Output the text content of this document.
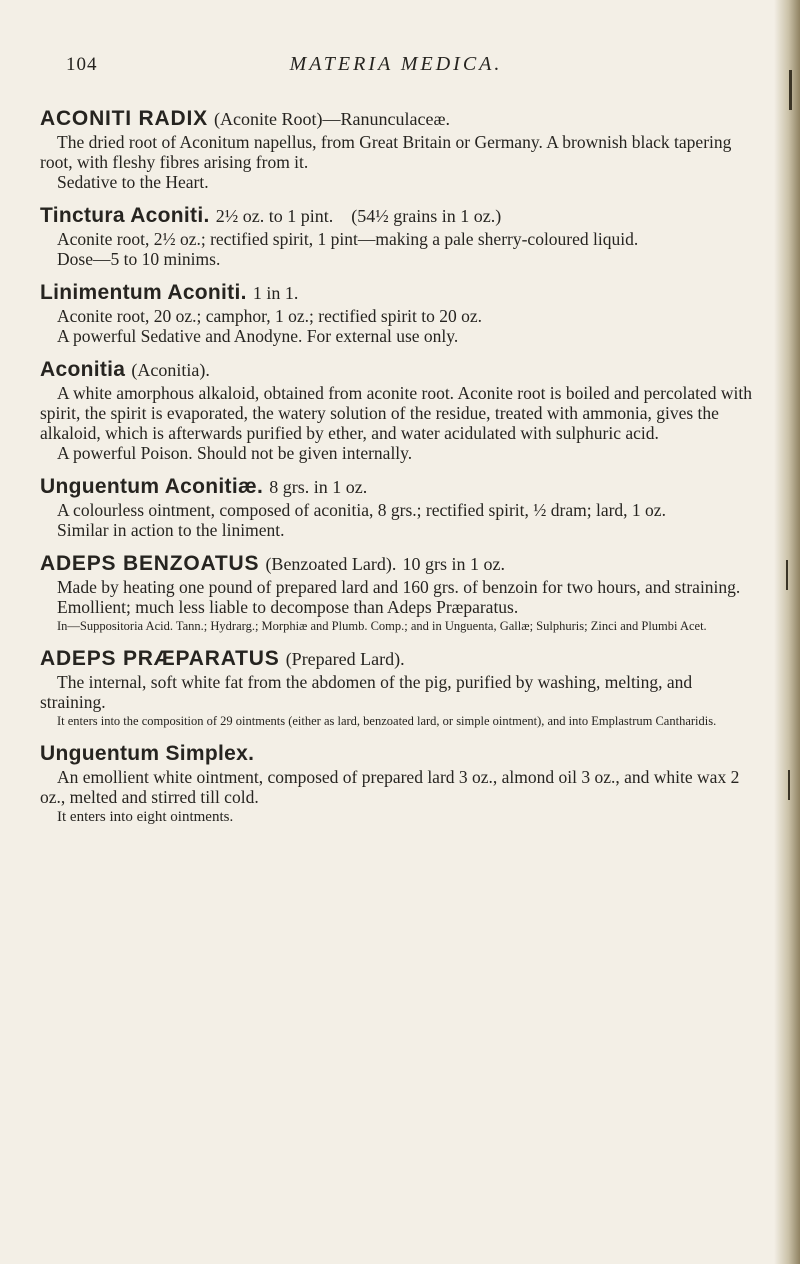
104	MATERIA MEDICA.
ACONITI RADIX (Aconite Root)—Ranunculaceæ.

The dried root of Aconitum napellus, from Great Britain or Germany. A brownish black tapering root, with fleshy fibres arising from it.

Sedative to the Heart.

Tinctura Aconiti. 2½ oz. to 1 pint.    (54½ grains in 1 oz.)

Aconite root, 2½ oz.; rectified spirit, 1 pint—making a pale sherry-coloured liquid.

Dose—5 to 10 minims.

Linimentum Aconiti. 1 in 1.

Aconite root, 20 oz.; camphor, 1 oz.; rectified spirit to 20 oz.

A powerful Sedative and Anodyne. For external use only.

Aconitia (Aconitia).

A white amorphous alkaloid, obtained from aconite root. Aconite root is boiled and percolated with spirit, the spirit is evaporated, the watery solution of the residue, treated with ammonia, gives the alkaloid, which is afterwards purified by ether, and water acidulated with sulphuric acid.

A powerful Poison. Should not be given internally.

Unguentum Aconitiæ. 8 grs. in 1 oz.

A colourless ointment, composed of aconitia, 8 grs.; rectified spirit, ½ dram; lard, 1 oz.

Similar in action to the liniment.

ADEPS BENZOATUS (Benzoated Lard). 10 grs in 1 oz.

Made by heating one pound of prepared lard and 160 grs. of benzoin for two hours, and straining.

Emollient; much less liable to decompose than Adeps Præparatus.

In—Suppositoria Acid. Tann.; Hydrarg.; Morphiæ and Plumb. Comp.; and in Unguenta, Gallæ; Sulphuris; Zinci and Plumbi Acet.

ADEPS PRÆPARATUS (Prepared Lard).

The internal, soft white fat from the abdomen of the pig, purified by washing, melting, and straining.

It enters into the composition of 29 ointments (either as lard, benzoated lard, or simple ointment), and into Emplastrum Cantharidis.

Unguentum Simplex.

An emollient white ointment, composed of prepared lard 3 oz., almond oil 3 oz., and white wax 2 oz., melted and stirred till cold.

It enters into eight ointments.
